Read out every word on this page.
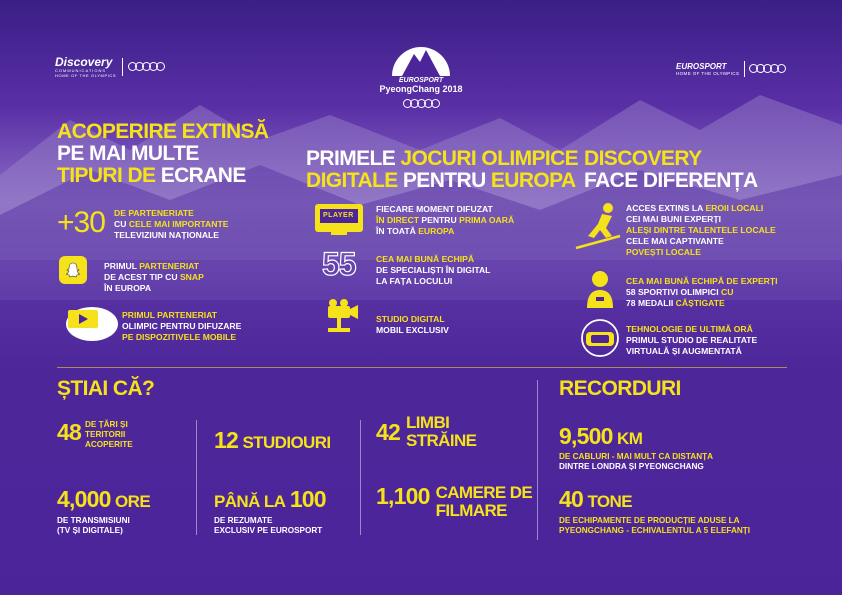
Discovery
COMMUNICATIONS
HOME OF THE OLYMPICS
EUROSPORT
PyeongChang 2018
EUROSPORT
HOME OF THE OLYMPICS
ACOPERIRE EXTINSĂ
PE MAI MULTE
TIPURI DE ECRANE
+30 DE PARTENERIATE
CU CELE MAI IMPORTANTE
TELEVIZIUNI NAȚIONALE
PRIMUL PARTENERIAT
DE ACEST TIP CU SNAP
ÎN EUROPA
PRIMUL PARTENERIAT
OLIMPIC PENTRU DIFUZARE
PE DISPOZITIVELE MOBILE
PRIMELE JOCURI OLIMPICE
DIGITALE PENTRU EUROPA
PLAYER
FIECARE MOMENT DIFUZAT
ÎN DIRECT PENTRU PRIMA OARĂ
ÎN TOATĂ EUROPA
55 CEA MAI BUNĂ ECHIPĂ
DE SPECIALIȘTI ÎN DIGITAL
LA FAȚA LOCULUI
STUDIO DIGITAL
MOBIL EXCLUSIV
DISCOVERY
FACE DIFERENȚA
ACCES EXTINS LA EROII LOCALI
CEI MAI BUNI EXPERȚI
ALEȘI DINTRE TALENTELE LOCALE
CELE MAI CAPTIVANTE
POVEȘTI LOCALE
CEA MAI BUNĂ ECHIPĂ DE EXPERȚI
58 SPORTIVI OLIMPICI CU
78 MEDALII CÂȘTIGATE
TEHNOLOGIE DE ULTIMĂ ORĂ
PRIMUL STUDIO DE REALITATE
VIRTUALĂ ȘI AUGMENTATĂ
ȘTIAI CĂ?
48 DE ȚĂRI ȘI
TERITORII
ACOPERITE
4,000 ORE
DE TRANSMISIUNI
(TV ȘI DIGITALE)
12 STUDIOURI
PÂNĂ LA 100
DE REZUMATE
EXCLUSIV PE EUROSPORT
42 LIMBI
STRĂINE
1,100 CAMERE DE
FILMARE
RECORDURI
9,500 KM
DE CABLURI - MAI MULT CA DISTANȚA
DINTRE LONDRA ȘI PYEONGCHANG
40 TONE
DE ECHIPAMENTE DE PRODUCȚIE ADUSE LA
PYEONGCHANG - ECHIVALENTUL A 5 ELEFANȚI
